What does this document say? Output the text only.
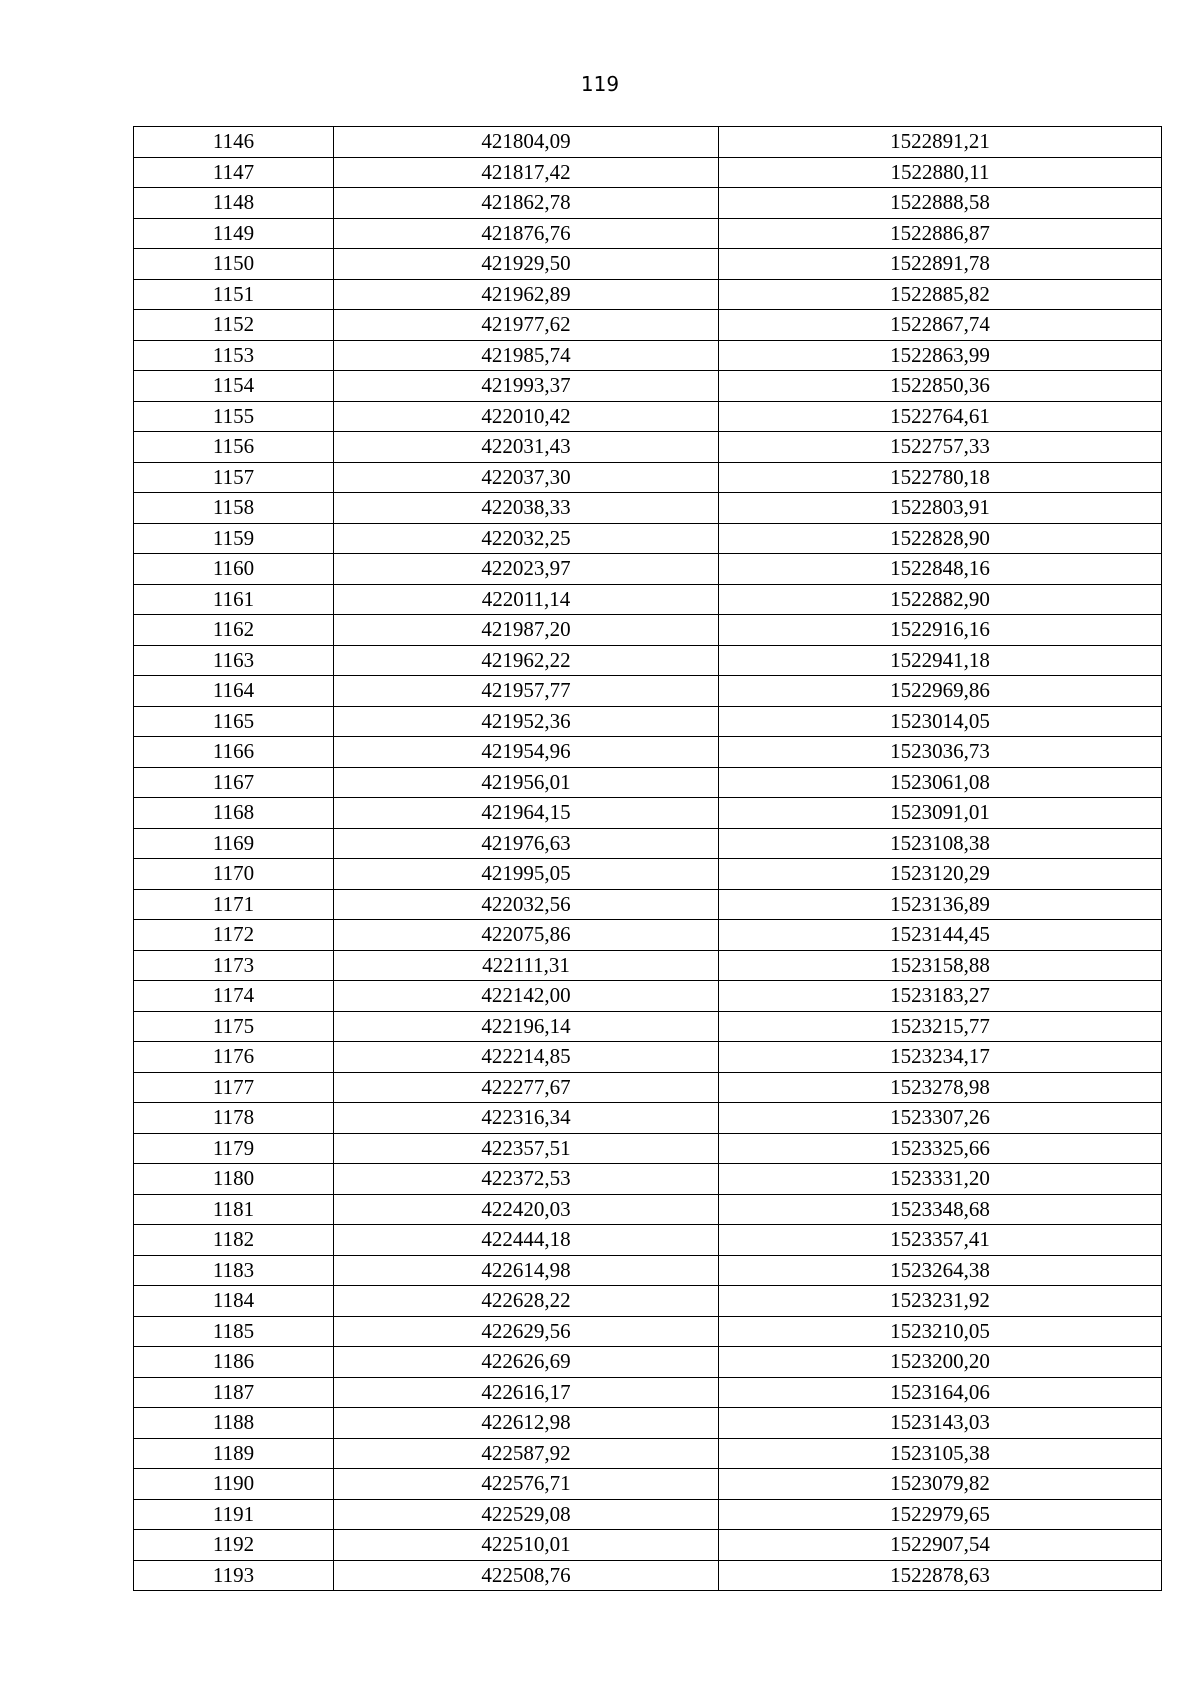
119
1146	421804,09	1522891,21
1147	421817,42	1522880,11
1148	421862,78	1522888,58
1149	421876,76	1522886,87
1150	421929,50	1522891,78
1151	421962,89	1522885,82
1152	421977,62	1522867,74
1153	421985,74	1522863,99
1154	421993,37	1522850,36
1155	422010,42	1522764,61
1156	422031,43	1522757,33
1157	422037,30	1522780,18
1158	422038,33	1522803,91
1159	422032,25	1522828,90
1160	422023,97	1522848,16
1161	422011,14	1522882,90
1162	421987,20	1522916,16
1163	421962,22	1522941,18
1164	421957,77	1522969,86
1165	421952,36	1523014,05
1166	421954,96	1523036,73
1167	421956,01	1523061,08
1168	421964,15	1523091,01
1169	421976,63	1523108,38
1170	421995,05	1523120,29
1171	422032,56	1523136,89
1172	422075,86	1523144,45
1173	422111,31	1523158,88
1174	422142,00	1523183,27
1175	422196,14	1523215,77
1176	422214,85	1523234,17
1177	422277,67	1523278,98
1178	422316,34	1523307,26
1179	422357,51	1523325,66
1180	422372,53	1523331,20
1181	422420,03	1523348,68
1182	422444,18	1523357,41
1183	422614,98	1523264,38
1184	422628,22	1523231,92
1185	422629,56	1523210,05
1186	422626,69	1523200,20
1187	422616,17	1523164,06
1188	422612,98	1523143,03
1189	422587,92	1523105,38
1190	422576,71	1523079,82
1191	422529,08	1522979,65
1192	422510,01	1522907,54
1193	422508,76	1522878,63
